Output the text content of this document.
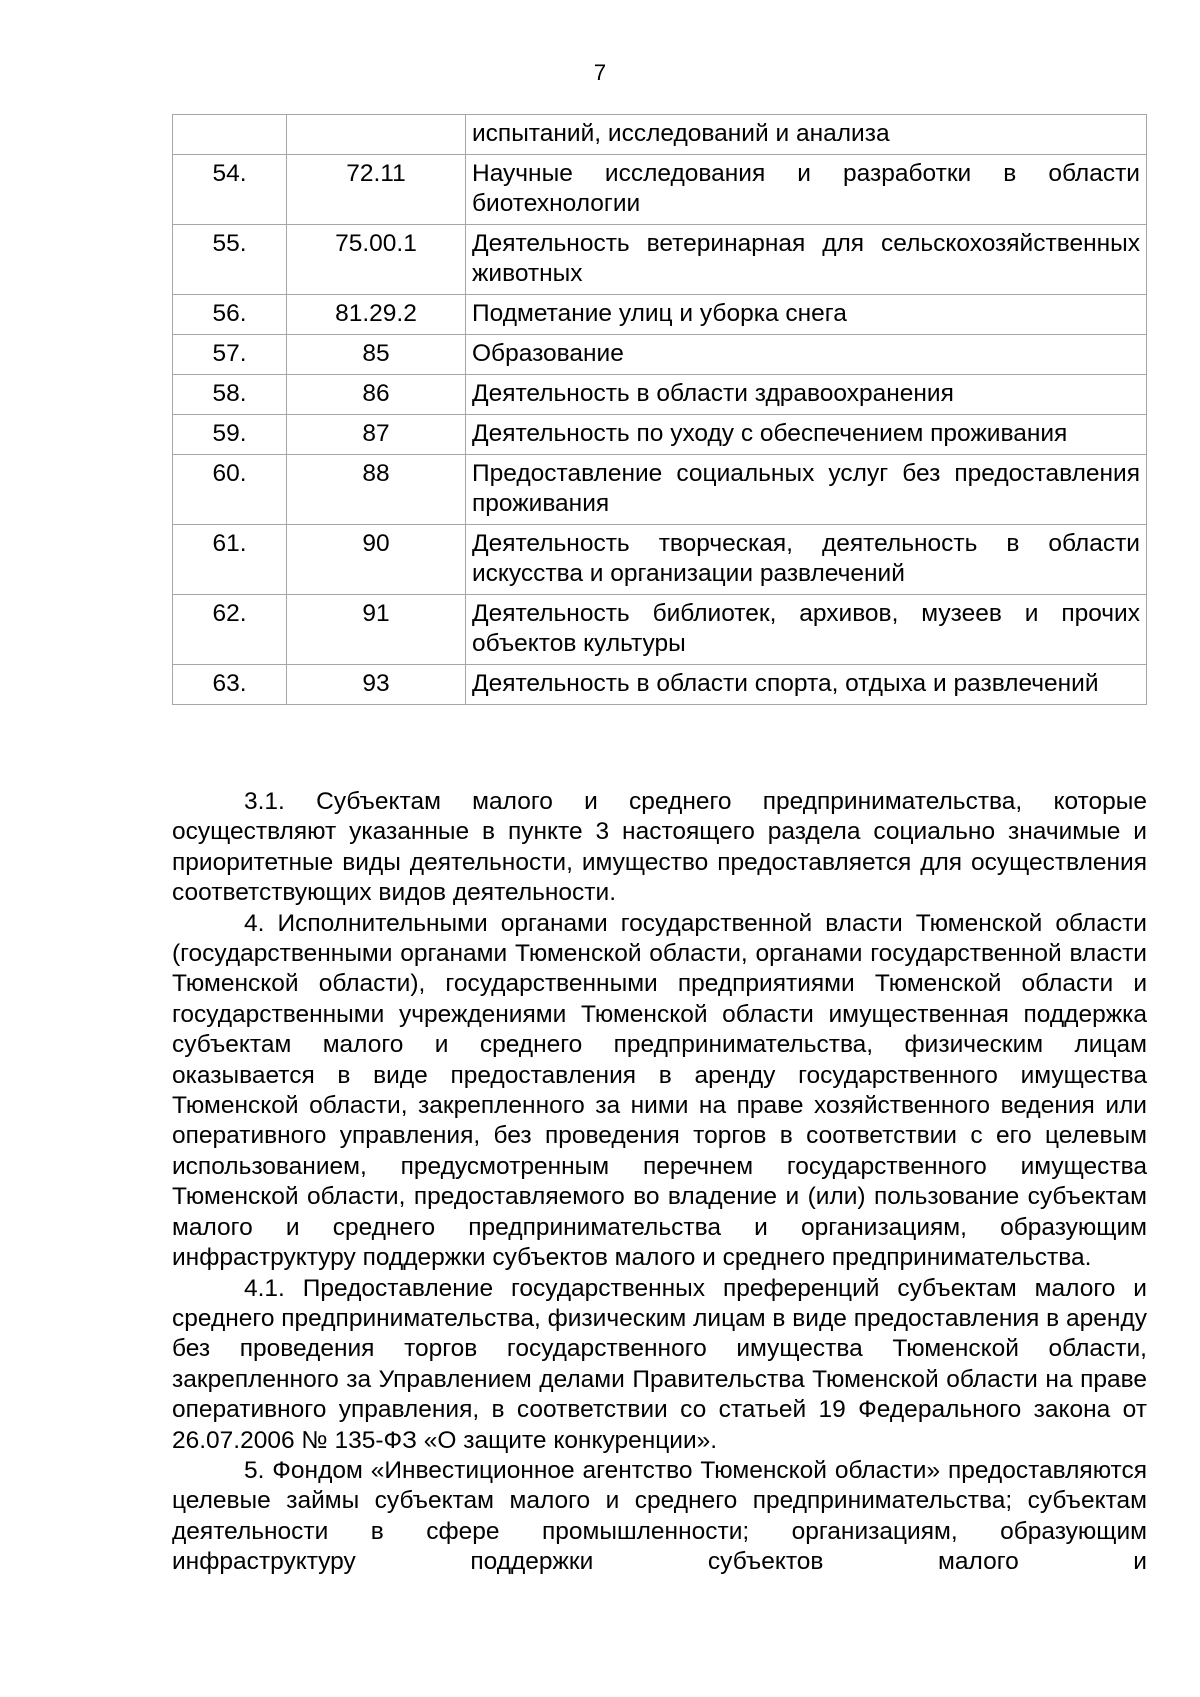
7
		испытаний, исследований и анализа
54.	72.11	Научные исследования и разработки в области биотехнологии
55.	75.00.1	Деятельность ветеринарная для сельскохозяйственных животных
56.	81.29.2	Подметание улиц и уборка снега
57.	85	Образование
58.	86	Деятельность в области здравоохранения
59.	87	Деятельность по уходу с обеспечением проживания
60.	88	Предоставление социальных услуг без предоставления проживания
61.	90	Деятельность творческая, деятельность в области искусства и организации развлечений
62.	91	Деятельность библиотек, архивов, музеев и прочих объектов культуры
63.	93	Деятельность в области спорта, отдыха и развлечений

3.1. Субъектам малого и среднего предпринимательства, которые осуществляют указанные в пункте 3 настоящего раздела социально значимые и приоритетные виды деятельности, имущество предоставляется для осуществления соответствующих видов деятельности.

4. Исполнительными органами государственной власти Тюменской области (государственными органами Тюменской области, органами государственной власти Тюменской области), государственными предприятиями Тюменской области и государственными учреждениями Тюменской области имущественная поддержка субъектам малого и среднего предпринимательства, физическим лицам оказывается в виде предоставления в аренду государственного имущества Тюменской области, закрепленного за ними на праве хозяйственного ведения или оперативного управления, без проведения торгов в соответствии с его целевым использованием, предусмотренным перечнем государственного имущества Тюменской области, предоставляемого во владение и (или) пользование субъектам малого и среднего предпринимательства и организациям, образующим инфраструктуру поддержки субъектов малого и среднего предпринимательства.

4.1. Предоставление государственных преференций субъектам малого и среднего предпринимательства, физическим лицам в виде предоставления в аренду без проведения торгов государственного имущества Тюменской области, закрепленного за Управлением делами Правительства Тюменской области на праве оперативного управления, в соответствии со статьей 19 Федерального закона от 26.07.2006 № 135-ФЗ «О защите конкуренции».

5. Фондом «Инвестиционное агентство Тюменской области» предоставляются целевые займы субъектам малого и среднего предпринимательства; субъектам деятельности в сфере промышленности; организациям, образующим инфраструктуру поддержки субъектов малого и
